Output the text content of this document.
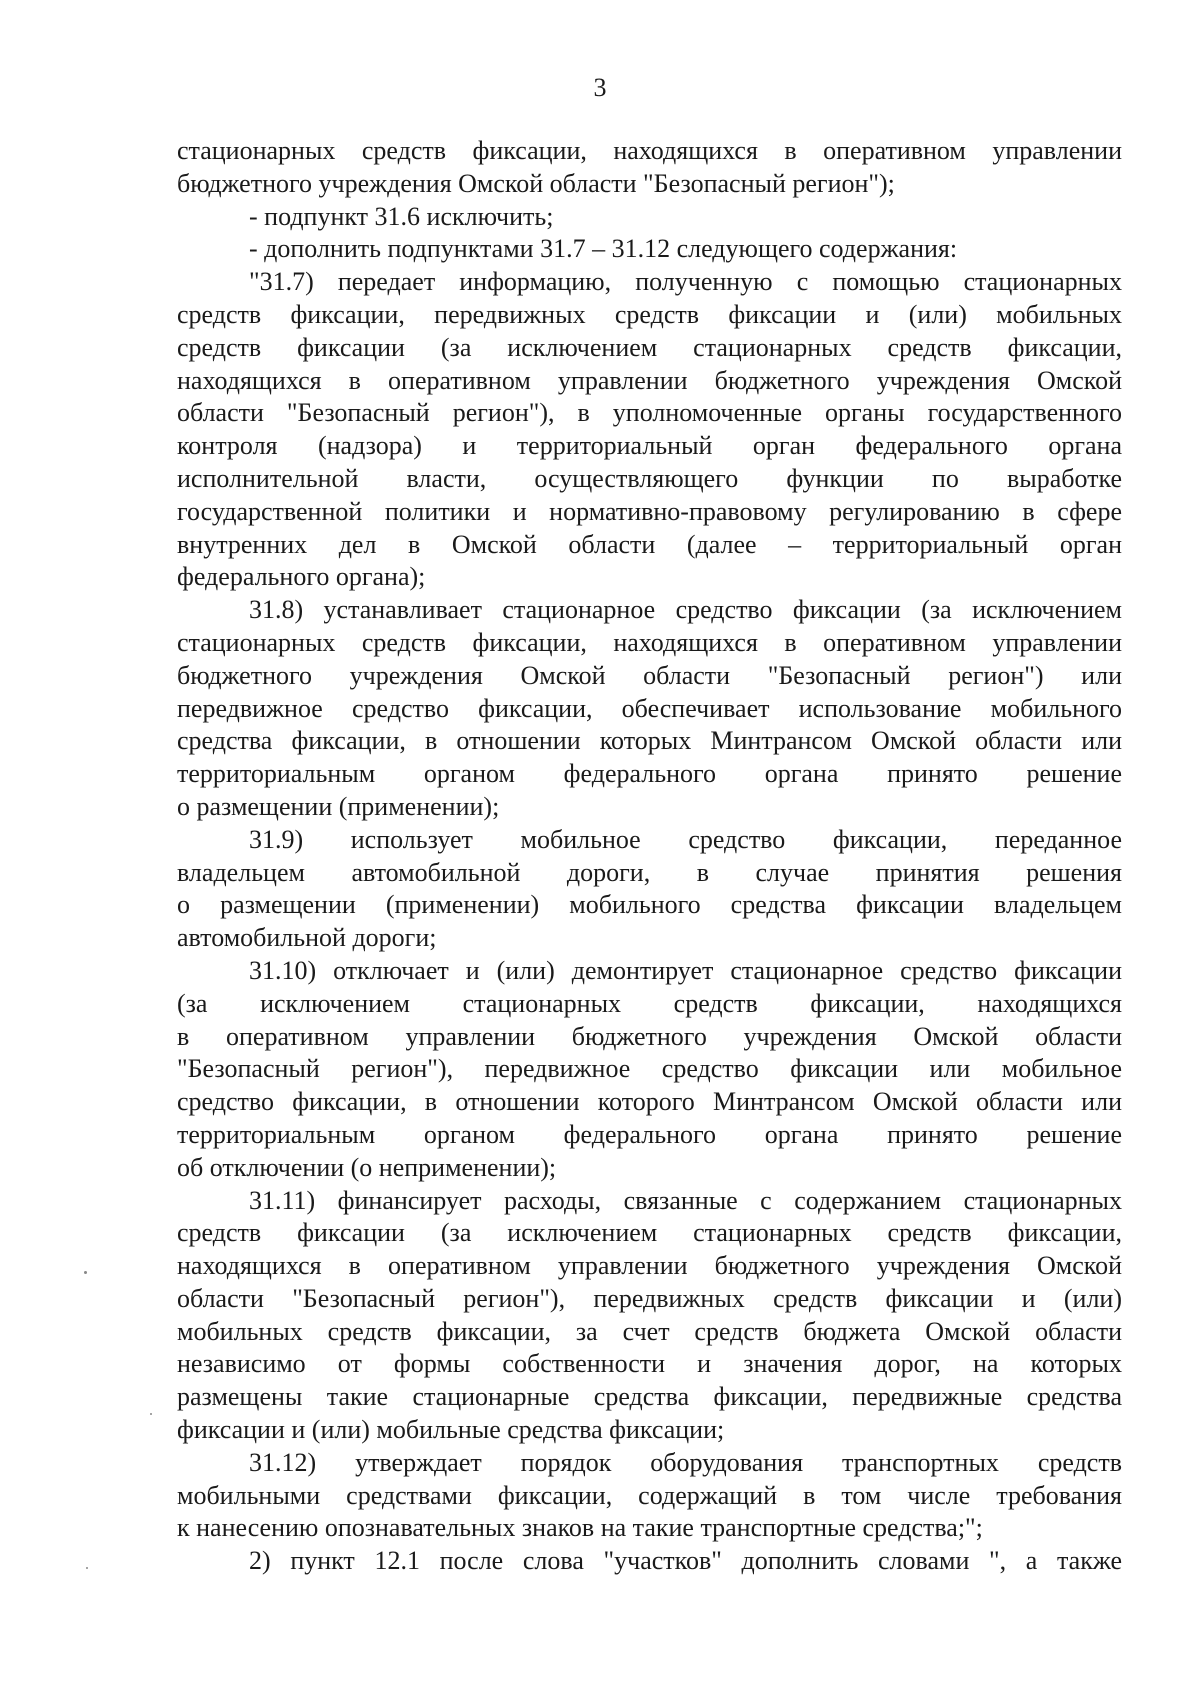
3
стационарных средств фиксации, находящихся в оперативном управлении
бюджетного учреждения Омской области "Безопасный регион");
- подпункт 31.6 исключить;
- дополнить подпунктами 31.7 – 31.12 следующего содержания:
"31.7) передает информацию, полученную с помощью стационарных
средств фиксации, передвижных средств фиксации и (или) мобильных
средств фиксации (за исключением стационарных средств фиксации,
находящихся в оперативном управлении бюджетного учреждения Омской
области "Безопасный регион"), в уполномоченные органы государственного
контроля (надзора) и территориальный орган федерального органа
исполнительной власти, осуществляющего функции по выработке
государственной политики и нормативно-правовому регулированию в сфере
внутренних дел в Омской области (далее – территориальный орган
федерального органа);
31.8) устанавливает стационарное средство фиксации (за исключением
стационарных средств фиксации, находящихся в оперативном управлении
бюджетного учреждения Омской области "Безопасный регион") или
передвижное средство фиксации, обеспечивает использование мобильного
средства фиксации, в отношении которых Минтрансом Омской области или
территориальным органом федерального органа принято решение
о размещении (применении);
31.9) использует мобильное средство фиксации, переданное
владельцем автомобильной дороги, в случае принятия решения
о размещении (применении) мобильного средства фиксации владельцем
автомобильной дороги;
31.10) отключает и (или) демонтирует стационарное средство фиксации
(за исключением стационарных средств фиксации, находящихся
в оперативном управлении бюджетного учреждения Омской области
"Безопасный регион"), передвижное средство фиксации или мобильное
средство фиксации, в отношении которого Минтрансом Омской области или
территориальным органом федерального органа принято решение
об отключении (о неприменении);
31.11) финансирует расходы, связанные с содержанием стационарных
средств фиксации (за исключением стационарных средств фиксации,
находящихся в оперативном управлении бюджетного учреждения Омской
области "Безопасный регион"), передвижных средств фиксации и (или)
мобильных средств фиксации, за счет средств бюджета Омской области
независимо от формы собственности и значения дорог, на которых
размещены такие стационарные средства фиксации, передвижные средства
фиксации и (или) мобильные средства фиксации;
31.12) утверждает порядок оборудования транспортных средств
мобильными средствами фиксации, содержащий в том числе требования
к нанесению опознавательных знаков на такие транспортные средства;";
2) пункт 12.1 после слова "участков" дополнить словами ", а также
